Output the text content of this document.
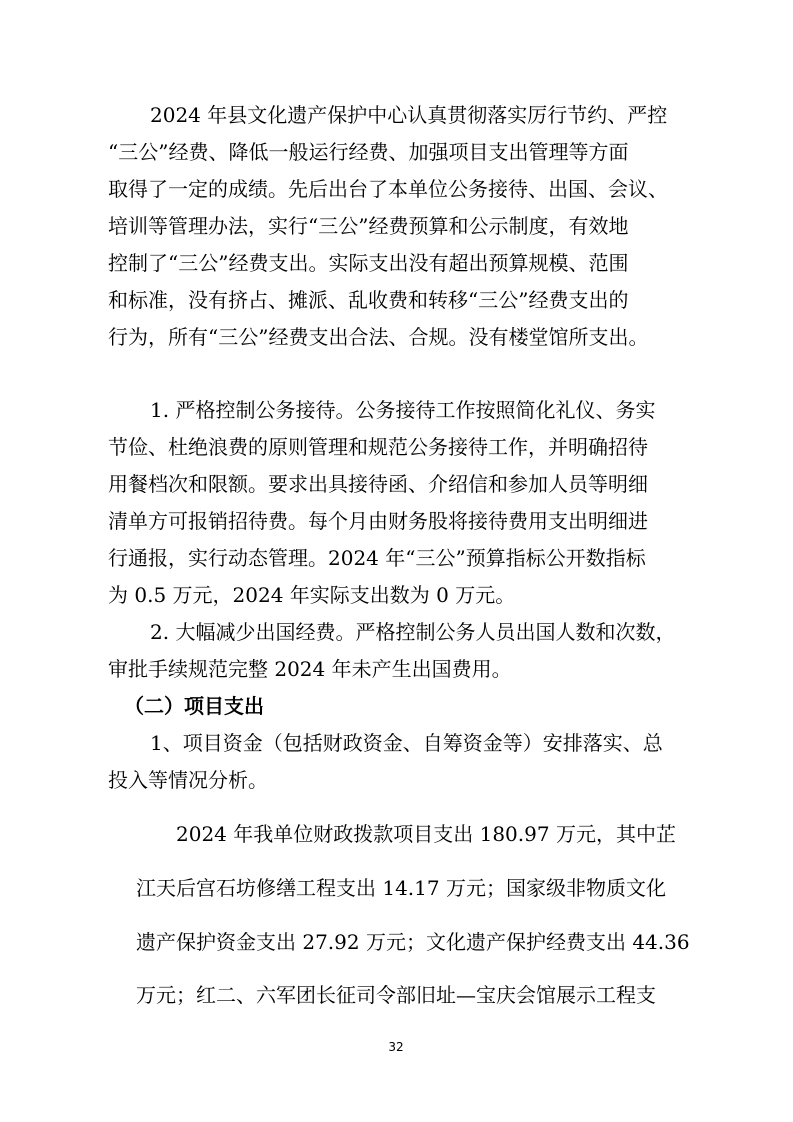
2024 年县文化遗产保护中心认真贯彻落实厉行节约、严控
“三公”经费、降低一般运行经费、加强项目支出管理等方面
取得了一定的成绩。先后出台了本单位公务接待、出国、会议、
培训等管理办法，实行“三公”经费预算和公示制度，有效地
控制了“三公”经费支出。实际支出没有超出预算规模、范围
和标准，没有挤占、摊派、乱收费和转移“三公”经费支出的
行为，所有“三公”经费支出合法、合规。没有楼堂馆所支出。
1. 严格控制公务接待。公务接待工作按照简化礼仪、务实
节俭、杜绝浪费的原则管理和规范公务接待工作，并明确招待
用餐档次和限额。要求出具接待函、介绍信和参加人员等明细
清单方可报销招待费。每个月由财务股将接待费用支出明细进
行通报，实行动态管理。2024 年“三公”预算指标公开数指标
为 0.5 万元，2024 年实际支出数为 0 万元。
2. 大幅减少出国经费。严格控制公务人员出国人数和次数，
审批手续规范完整 2024 年未产生出国费用。
（二）项目支出
1、项目资金（包括财政资金、自筹资金等）安排落实、总
投入等情况分析。
2024 年我单位财政拨款项目支出 180.97 万元，其中芷
江天后宫石坊修缮工程支出 14.17 万元；国家级非物质文化
遗产保护资金支出 27.92 万元；文化遗产保护经费支出 44.36
万元；红二、六军团长征司令部旧址—宝庆会馆展示工程支
32
